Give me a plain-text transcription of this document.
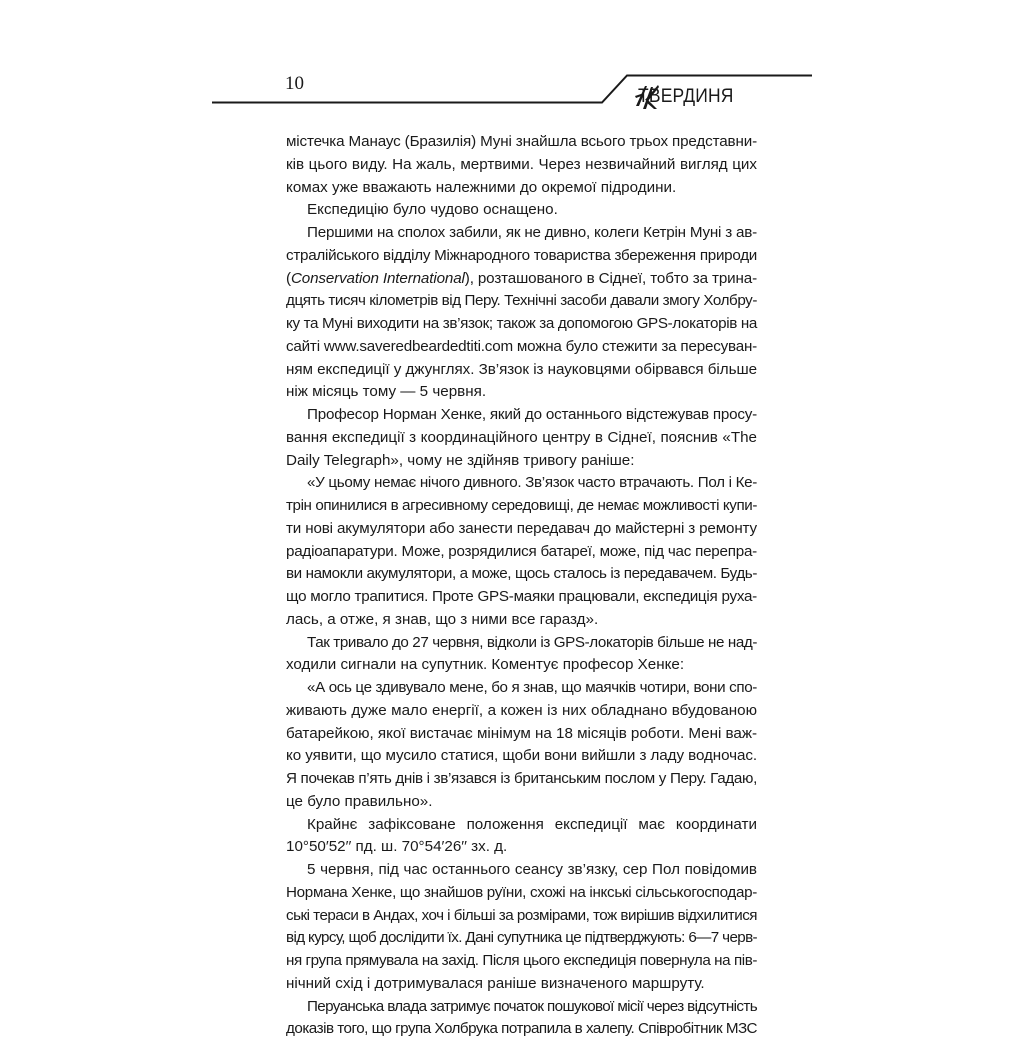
10
ТВЕРДИНЯ
містечка Манаус (Бразилія) Муні знайшла всього трьох представни-
ків цього виду. На жаль, мертвими. Через незвичайний вигляд цих
комах уже вважають належними до окремої підродини.
Експедицію було чудово оснащено.
Першими на сполох забили, як не дивно, колеги Кетрін Муні з ав-
стралійського відділу Міжнародного товариства збереження природи
(Conservation International), розташованого в Сіднеї, тобто за трина-
дцять тисяч кілометрів від Перу. Технічні засоби давали змогу Холбру-
ку та Муні виходити на зв’язок; також за допомогою GPS-локаторів на
сайті www.saveredbeardedtiti.com можна було стежити за пересуван-
ням експедиції у джунглях. Зв’язок із науковцями обірвався більше
ніж місяць тому — 5 червня.
Професор Норман Хенке, який до останнього відстежував просу-
вання експедиції з координаційного центру в Сіднеї, пояснив «The
Daily Telegraph», чому не здійняв тривогу раніше:
«У цьому немає нічого дивного. Зв’язок часто втрачають. Пол і Ке-
трін опинилися в агресивному середовищі, де немає можливості купи-
ти нові акумулятори або занести передавач до майстерні з ремонту
радіоапаратури. Може, розрядилися батареї, може, під час перепра-
ви намокли акумулятори, а може, щось сталось із передавачем. Будь-
що могло трапитися. Проте GPS-маяки працювали, експедиція руха-
лась, а отже, я знав, що з ними все гаразд».
Так тривало до 27 червня, відколи із GPS-локаторів більше не над-
ходили сигнали на супутник. Коментує професор Хенке:
«А ось це здивувало мене, бо я знав, що маячків чотири, вони спо-
живають дуже мало енергії, а кожен із них обладнано вбудованою
батарейкою, якої вистачає мінімум на 18 місяців роботи. Мені важ-
ко уявити, що мусило статися, щоби вони вийшли з ладу водночас.
Я почекав п’ять днів і зв’язався із британським послом у Перу. Гадаю,
це було правильно».
Крайнє зафіксоване положення експедиції має координати
10°50′52′′ пд. ш. 70°54′26′′ зх. д.
5 червня, під час останнього сеансу зв’язку, сер Пол повідомив
Нормана Хенке, що знайшов руїни, схожі на інкські сільськогосподар-
ські тераси в Андах, хоч і більші за розмірами, тож вирішив відхилитися
від курсу, щоб дослідити їх. Дані супутника це підтверджують: 6—7 черв-
ня група прямувала на захід. Після цього експедиція повернула на пів-
нічний схід і дотримувалася раніше визначеного маршруту.
Перуанська влада затримує початок пошукової місії через відсутність
доказів того, що група Холбрука потрапила в халепу. Співробітник МЗС
